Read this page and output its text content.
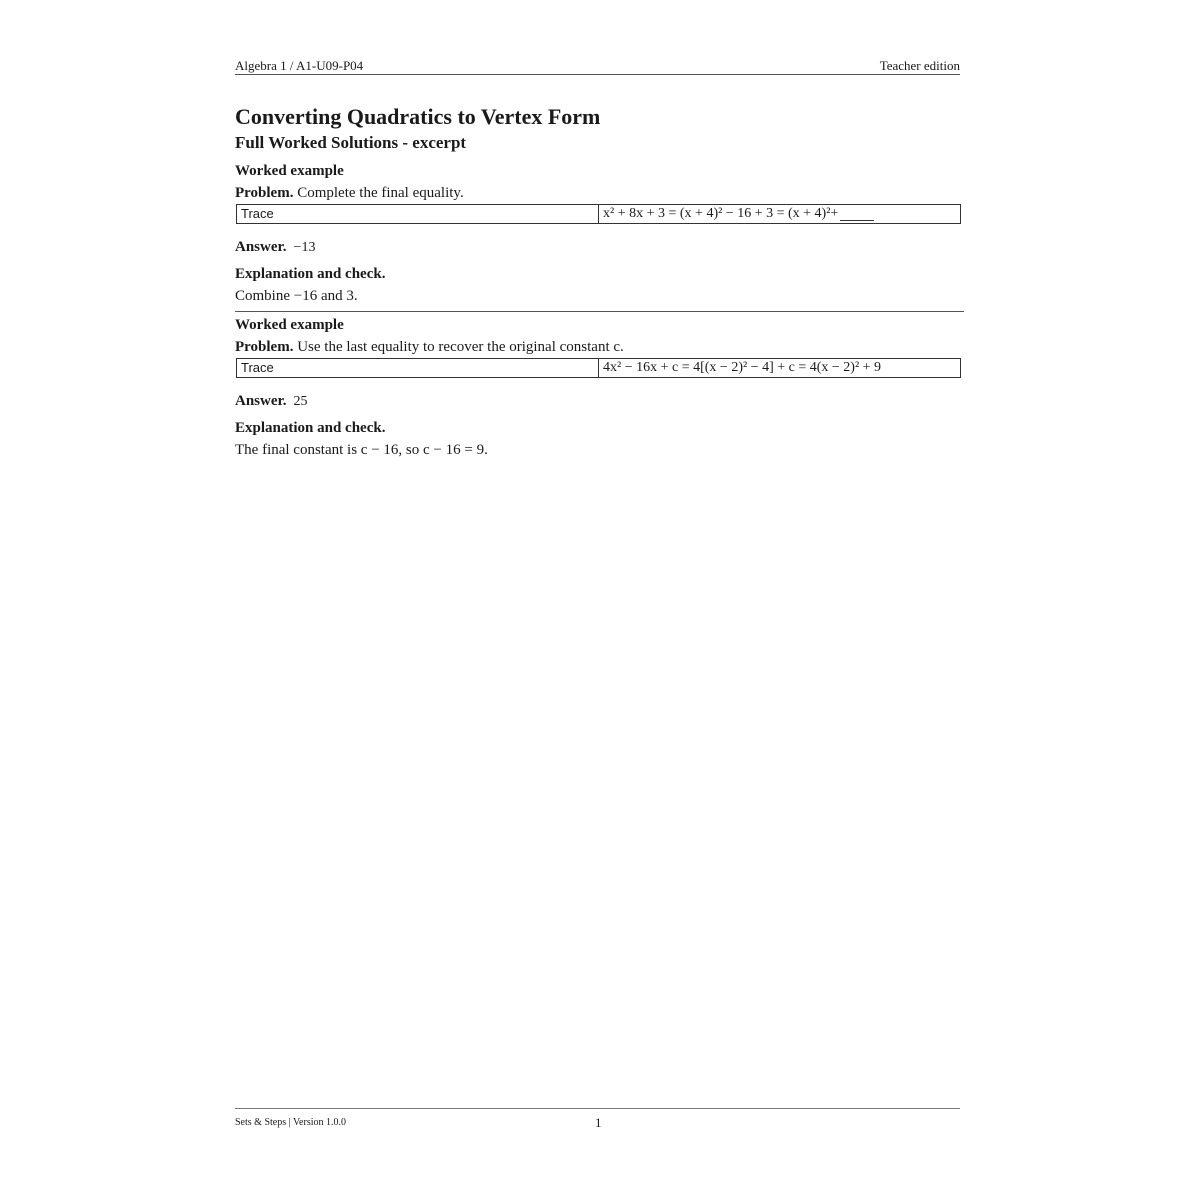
Algebra 1 / A1-U09-P04	Teacher edition
Converting Quadratics to Vertex Form
Full Worked Solutions - excerpt
Worked example
Problem. Complete the final equality.
Trace	x² + 8x + 3 = (x + 4)² − 16 + 3 = (x + 4)²+
Answer. −13
Explanation and check.
Combine −16 and 3.
Worked example
Problem. Use the last equality to recover the original constant c.
Trace	4x² − 16x + c = 4[(x − 2)² − 4] + c = 4(x − 2)² + 9
Answer. 25
Explanation and check.
The final constant is c − 16, so c − 16 = 9.
Sets & Steps | Version 1.0.0	1
